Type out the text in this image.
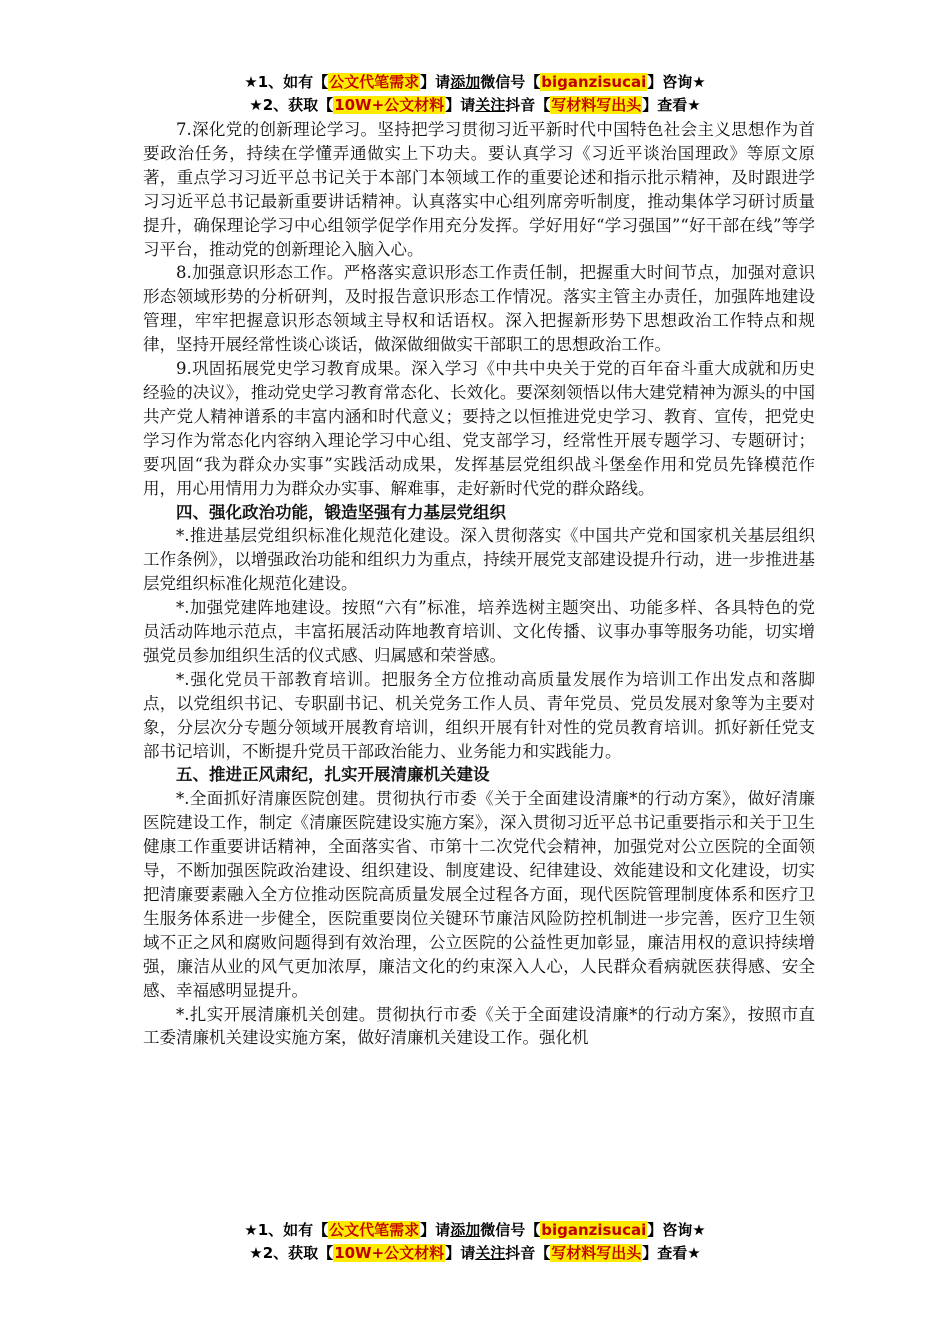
★1、如有【公文代笔需求】请添加微信号【biganzisucai】咨询★
★2、获取【10W+公文材料】请关注抖音【写材料写出头】查看★

7.深化党的创新理论学习。坚持把学习贯彻习近平新时代中国特色社会主义思想作为首要政治任务，持续在学懂弄通做实上下功夫。要认真学习《习近平谈治国理政》等原文原著，重点学习习近平总书记关于本部门本领域工作的重要论述和指示批示精神，及时跟进学习习近平总书记最新重要讲话精神。认真落实中心组列席旁听制度，推动集体学习研讨质量提升，确保理论学习中心组领学促学作用充分发挥。学好用好“学习强国”“好干部在线”等学习平台，推动党的创新理论入脑入心。

8.加强意识形态工作。严格落实意识形态工作责任制，把握重大时间节点，加强对意识形态领域形势的分析研判，及时报告意识形态工作情况。落实主管主办责任，加强阵地建设管理，牢牢把握意识形态领域主导权和话语权。深入把握新形势下思想政治工作特点和规律，坚持开展经常性谈心谈话，做深做细做实干部职工的思想政治工作。

9.巩固拓展党史学习教育成果。深入学习《中共中央关于党的百年奋斗重大成就和历史经验的决议》，推动党史学习教育常态化、长效化。要深刻领悟以伟大建党精神为源头的中国共产党人精神谱系的丰富内涵和时代意义；要持之以恒推进党史学习、教育、宣传，把党史学习作为常态化内容纳入理论学习中心组、党支部学习，经常性开展专题学习、专题研讨；要巩固“我为群众办实事”实践活动成果，发挥基层党组织战斗堡垒作用和党员先锋模范作用，用心用情用力为群众办实事、解难事，走好新时代党的群众路线。

四、强化政治功能，锻造坚强有力基层党组织

*.推进基层党组织标准化规范化建设。深入贯彻落实《中国共产党和国家机关基层组织工作条例》，以增强政治功能和组织力为重点，持续开展党支部建设提升行动，进一步推进基层党组织标准化规范化建设。

*.加强党建阵地建设。按照“六有”标准，培养选树主题突出、功能多样、各具特色的党员活动阵地示范点，丰富拓展活动阵地教育培训、文化传播、议事办事等服务功能，切实增强党员参加组织生活的仪式感、归属感和荣誉感。

*.强化党员干部教育培训。把服务全方位推动高质量发展作为培训工作出发点和落脚点，以党组织书记、专职副书记、机关党务工作人员、青年党员、党员发展对象等为主要对象，分层次分专题分领域开展教育培训，组织开展有针对性的党员教育培训。抓好新任党支部书记培训，不断提升党员干部政治能力、业务能力和实践能力。

五、推进正风肃纪，扎实开展清廉机关建设

*.全面抓好清廉医院创建。贯彻执行市委《关于全面建设清廉*的行动方案》，做好清廉医院建设工作，制定《清廉医院建设实施方案》，深入贯彻习近平总书记重要指示和关于卫生健康工作重要讲话精神，全面落实省、市第十二次党代会精神，加强党对公立医院的全面领导，不断加强医院政治建设、组织建设、制度建设、纪律建设、效能建设和文化建设，切实把清廉要素融入全方位推动医院高质量发展全过程各方面，现代医院管理制度体系和医疗卫生服务体系进一步健全，医院重要岗位关键环节廉洁风险防控机制进一步完善，医疗卫生领域不正之风和腐败问题得到有效治理，公立医院的公益性更加彰显，廉洁用权的意识持续增强，廉洁从业的风气更加浓厚，廉洁文化的约束深入人心，人民群众看病就医获得感、安全感、幸福感明显提升。

*.扎实开展清廉机关创建。贯彻执行市委《关于全面建设清廉*的行动方案》，按照市直工委清廉机关建设实施方案，做好清廉机关建设工作。强化机

★1、如有【公文代笔需求】请添加微信号【biganzisucai】咨询★
★2、获取【10W+公文材料】请关注抖音【写材料写出头】查看★
